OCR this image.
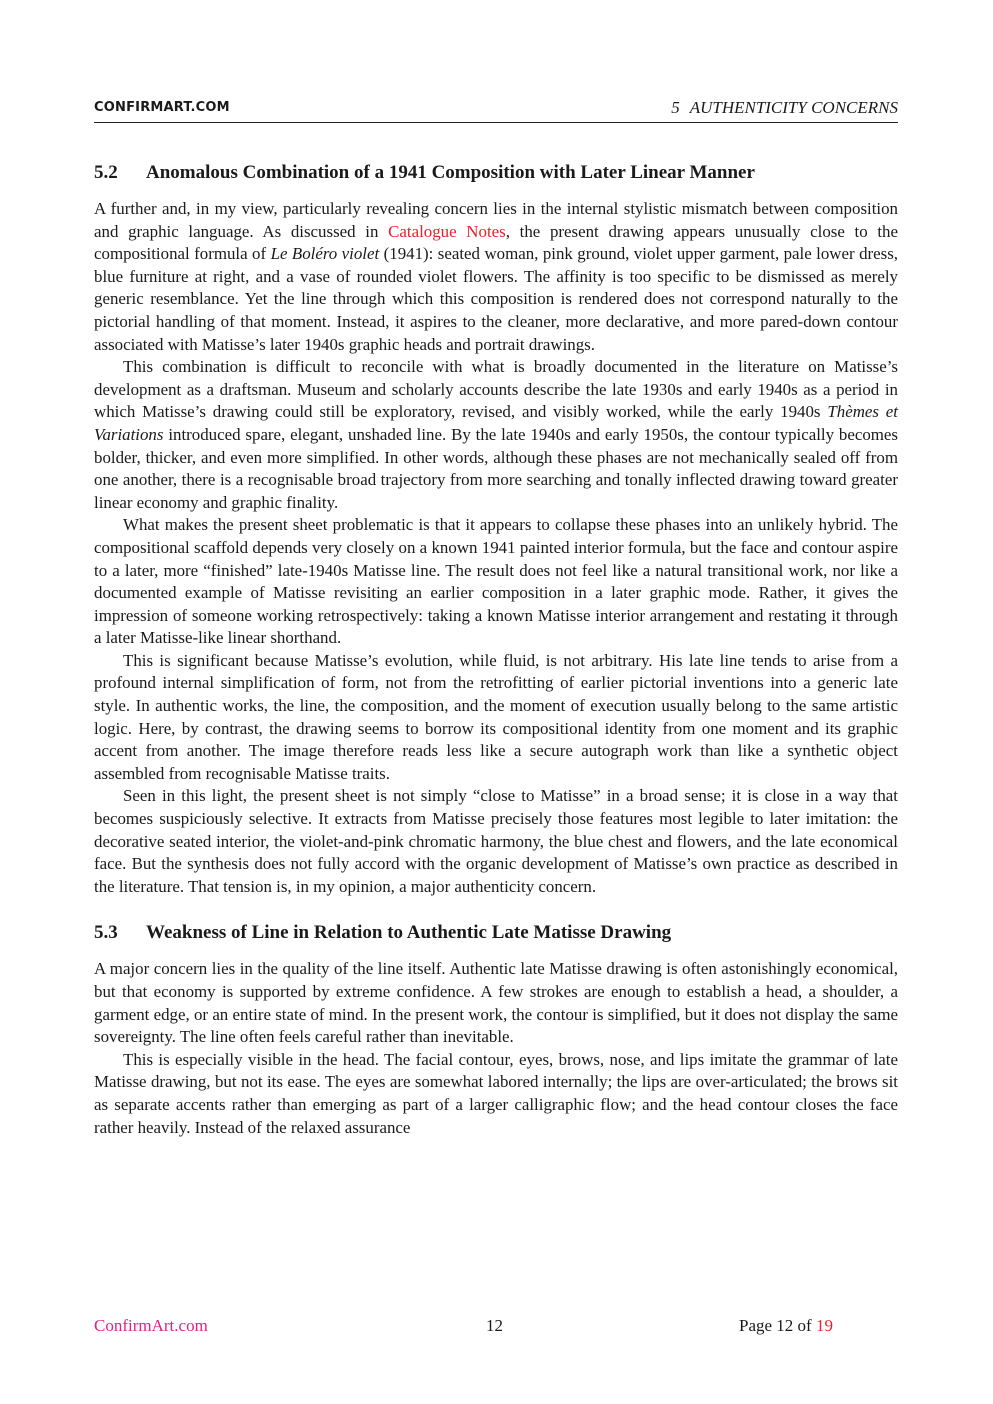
CONFIRMART.COM	5 AUTHENTICITY CONCERNS
5.2 Anomalous Combination of a 1941 Composition with Later Linear Manner

A further and, in my view, particularly revealing concern lies in the internal stylistic mismatch between composition and graphic language. As discussed in Catalogue Notes, the present drawing appears unusually close to the compositional formula of Le Boléro violet (1941): seated woman, pink ground, violet upper garment, pale lower dress, blue furniture at right, and a vase of rounded violet flowers. The affinity is too specific to be dismissed as merely generic resemblance. Yet the line through which this composition is rendered does not correspond naturally to the pictorial handling of that moment. Instead, it aspires to the cleaner, more declarative, and more pared-down contour associated with Matisse’s later 1940s graphic heads and portrait drawings.

This combination is difficult to reconcile with what is broadly documented in the literature on Matisse’s development as a draftsman. Museum and scholarly accounts describe the late 1930s and early 1940s as a period in which Matisse’s drawing could still be exploratory, revised, and visibly worked, while the early 1940s Thèmes et Variations introduced spare, elegant, unshaded line. By the late 1940s and early 1950s, the contour typically becomes bolder, thicker, and even more simplified. In other words, although these phases are not mechanically sealed off from one another, there is a recognisable broad trajectory from more searching and tonally inflected drawing toward greater linear economy and graphic finality.

What makes the present sheet problematic is that it appears to collapse these phases into an unlikely hybrid. The compositional scaffold depends very closely on a known 1941 painted interior formula, but the face and contour aspire to a later, more “finished” late-1940s Matisse line. The result does not feel like a natural transitional work, nor like a documented example of Matisse revisiting an earlier composition in a later graphic mode. Rather, it gives the impression of someone working retrospectively: taking a known Matisse interior arrangement and restating it through a later Matisse-like linear shorthand.

This is significant because Matisse’s evolution, while fluid, is not arbitrary. His late line tends to arise from a profound internal simplification of form, not from the retrofitting of earlier pictorial inventions into a generic late style. In authentic works, the line, the composition, and the moment of execution usually belong to the same artistic logic. Here, by contrast, the drawing seems to borrow its compositional identity from one moment and its graphic accent from another. The image therefore reads less like a secure autograph work than like a synthetic object assembled from recognisable Matisse traits.

Seen in this light, the present sheet is not simply “close to Matisse” in a broad sense; it is close in a way that becomes suspiciously selective. It extracts from Matisse precisely those features most legible to later imitation: the decorative seated interior, the violet-and-pink chromatic harmony, the blue chest and flowers, and the late economical face. But the synthesis does not fully accord with the organic development of Matisse’s own practice as described in the literature. That tension is, in my opinion, a major authenticity concern.

5.3 Weakness of Line in Relation to Authentic Late Matisse Drawing

A major concern lies in the quality of the line itself. Authentic late Matisse drawing is often astonishingly economical, but that economy is supported by extreme confidence. A few strokes are enough to establish a head, a shoulder, a garment edge, or an entire state of mind. In the present work, the contour is simplified, but it does not display the same sovereignty. The line often feels careful rather than inevitable.

This is especially visible in the head. The facial contour, eyes, brows, nose, and lips imitate the grammar of late Matisse drawing, but not its ease. The eyes are somewhat labored internally; the lips are over-articulated; the brows sit as separate accents rather than emerging as part of a larger calligraphic flow; and the head contour closes the face rather heavily. Instead of the relaxed assurance

ConfirmArt.com	12	Page 12 of 19
